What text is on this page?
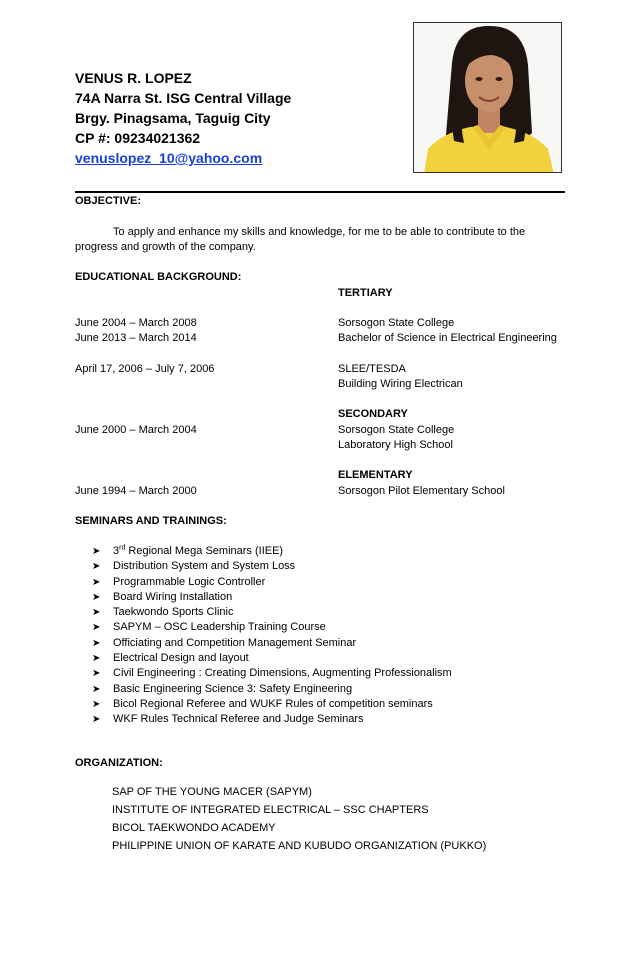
VENUS R. LOPEZ
74A Narra St. ISG Central Village
Brgy. Pinagsama, Taguig City
CP #: 09234021362
venuslopez_10@yahoo.com
OBJECTIVE:
To apply and enhance my skills and knowledge, for me to be able to contribute to the
progress and growth of the company.
EDUCATIONAL BACKGROUND:
TERTIARY
June 2004 – March 2008	Sorsogon State College
June 2013 – March 2014	Bachelor of Science in Electrical Engineering
April 17, 2006 – July 7, 2006	SLEE/TESDA
Building Wiring Electrican
SECONDARY
June 2000 – March 2004	Sorsogon State College
Laboratory High School
ELEMENTARY
June 1994 – March 2000	Sorsogon Pilot Elementary School
SEMINARS AND TRAININGS:
➤	3rd Regional Mega Seminars (IIEE)
➤	Distribution System and System Loss
➤	Programmable Logic Controller
➤	Board Wiring Installation
➤	Taekwondo Sports Clinic
➤	SAPYM – OSC Leadership Training Course
➤	Officiating and Competition Management Seminar
➤	Electrical Design and layout
➤	Civil Engineering : Creating Dimensions, Augmenting Professionalism
➤	Basic Engineering Science 3: Safety Engineering
➤	Bicol Regional Referee and WUKF Rules of competition seminars
➤	WKF Rules Technical Referee and Judge Seminars
ORGANIZATION:
SAP OF THE YOUNG MACER (SAPYM)
INSTITUTE OF INTEGRATED ELECTRICAL – SSC CHAPTERS
BICOL TAEKWONDO ACADEMY
PHILIPPINE UNION OF KARATE AND KUBUDO ORGANIZATION (PUKKO)
